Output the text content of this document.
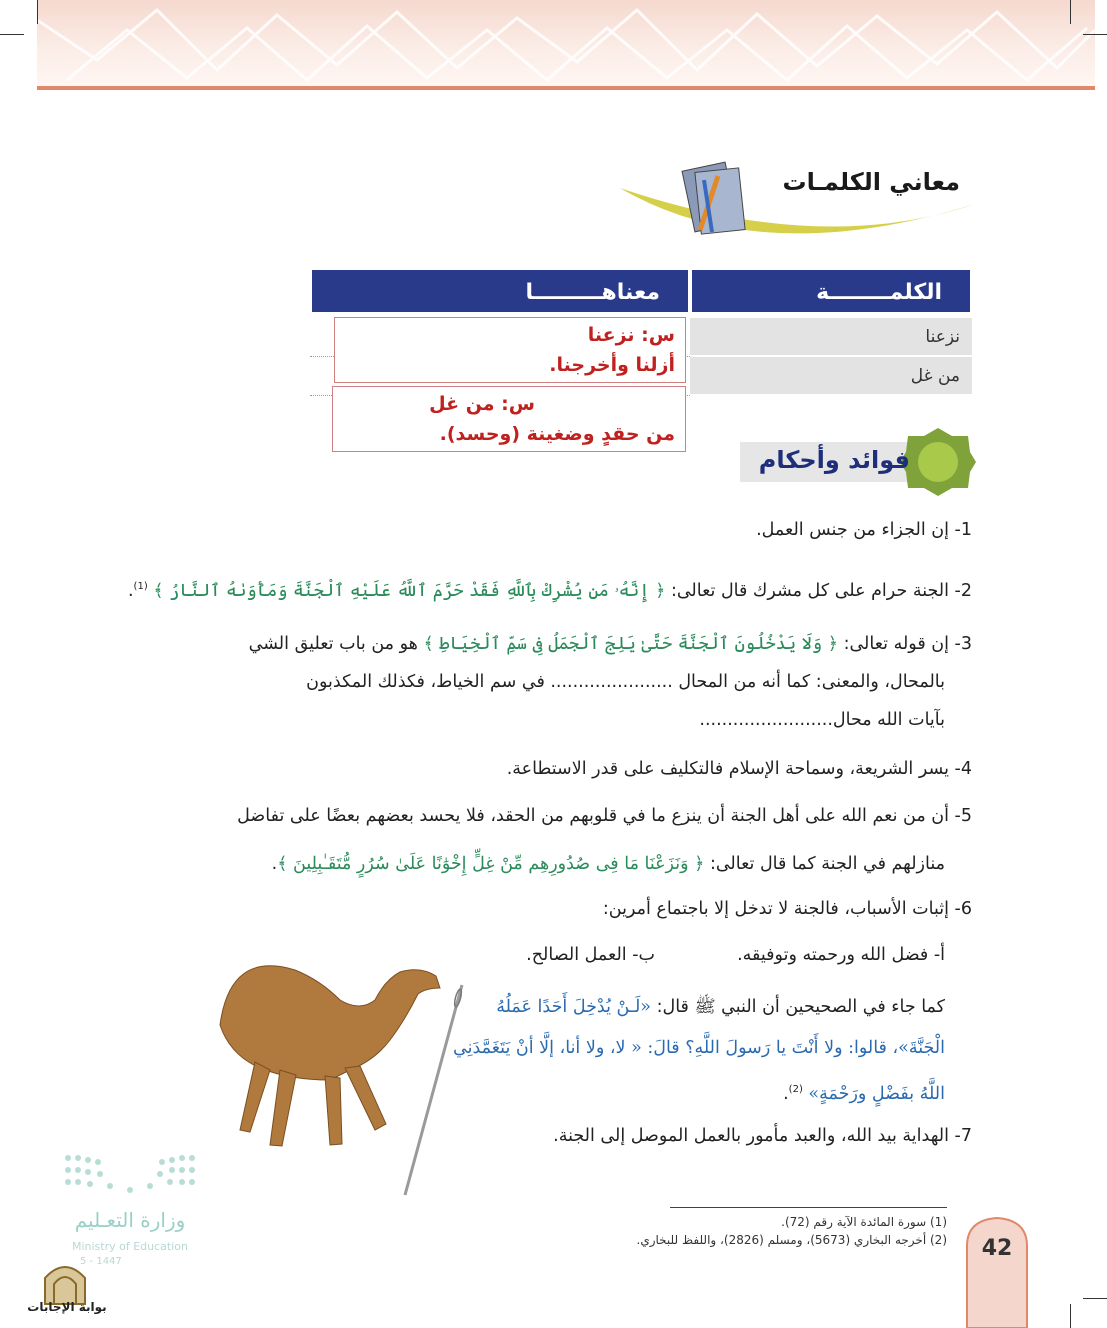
معاني الكلمـات
الكلمــــــــة
معناهـــــــــا
نزعنا
من غل
س: نزعنا
أزلنا وأخرجنا.
س: من غل
من حقدٍ وضغينة (وحسد).
فوائد وأحكام
1- إن الجزاء من جنس العمل.
2- الجنة حرام على كل مشرك قال تعالى: ﴿ إِنَّهُۥ مَن يُشْرِكْ بِٱللَّهِ فَقَدْ حَرَّمَ ٱللَّهُ عَلَيْهِ ٱلْجَنَّةَ وَمَأْوَىٰهُ ٱلنَّارُ ﴾ $^{(1)}$.
3- إن قوله تعالى: ﴿ وَلَا يَدْخُلُونَ ٱلْجَنَّةَ حَتَّىٰ يَلِجَ ٱلْجَمَلُ فِى سَمِّ ٱلْخِيَاطِ ﴾ هو من باب تعليق الشي
بالمحال، والمعنى: كما أنه من المحال ...................... في سم الخياط، فكذلك المكذبون
بآيات الله محال........................
4- يسر الشريعة، وسماحة الإسلام فالتكليف على قدر الاستطاعة.
5- أن من نعم الله على أهل الجنة أن ينزع ما في قلوبهم من الحقد، فلا يحسد بعضهم بعضًا على تفاضل
منازلهم في الجنة كما قال تعالى: ﴿ وَنَزَعْنَا مَا فِى صُدُورِهِم مِّنْ غِلٍّ إِخْوَٰنًا عَلَىٰ سُرُرٍ مُّتَقَـٰبِلِينَ ﴾.
6- إثبات الأسباب، فالجنة لا تدخل إلا باجتماع أمرين:
أ- فضل الله ورحمته وتوفيقه.
ب- العمل الصالح.
كما جاء في الصحيحين أن النبي ﷺ قال: «لَـنْ يُدْخِلَ أَحَدًا عَمَلُهُ
الْجَنَّةَ»، قالوا: ولا أَنْتَ يا رَسولَ اللَّهِ؟ قالَ: « لا، ولا أنا، إلَّا أنْ يَتَغَمَّدَنِي
اللَّهُ بفَضْلٍ ورَحْمَةٍ» $^{(2)}$.
7- الهداية بيد الله، والعبد مأمور بالعمل الموصل إلى الجنة.
(1) سورة المائدة الآية رقم (72).
(2) أخرجه البخاري (5673)، ومسلم (2826)، واللفظ للبخاري.	42
وزارة التعـليم
Ministry of Education
5 - 1447
بوابة الإجابات
